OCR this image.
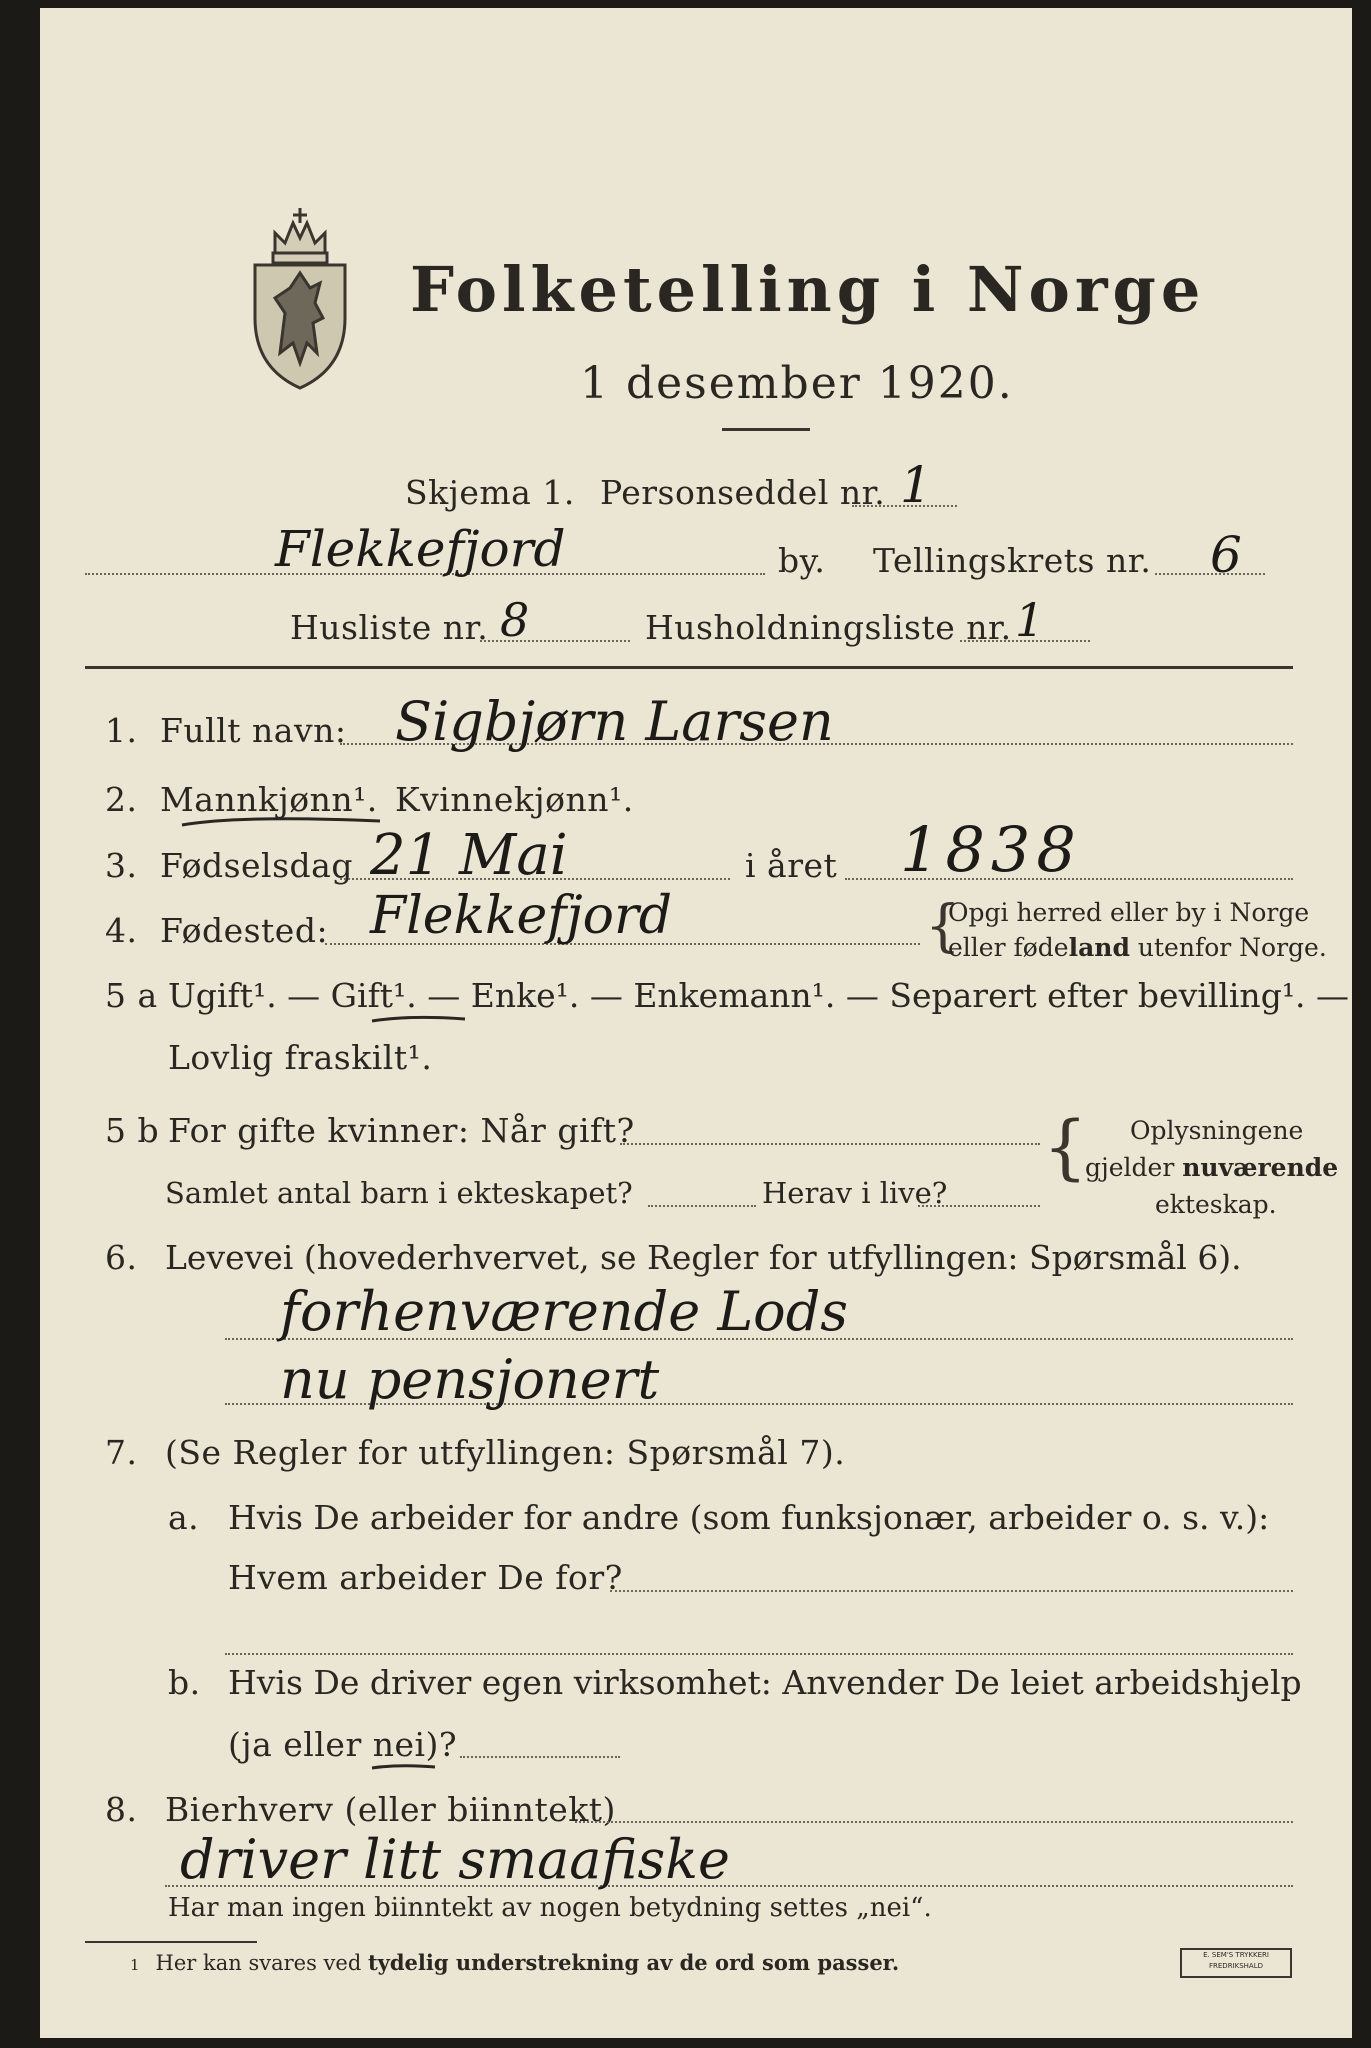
Folketelling i Norge
1 desember 1920.
Skjema 1. Personseddel nr. 1
Flekkefjord	by. Tellingskrets nr. 6
Husliste nr. 8	Husholdningsliste nr. 1
1. Fullt navn: Sigbjørn Larsen
2. Mannkjønn¹. Kvinnekjønn¹.
3. Fødselsdag 21 Mai	i året 1838
4. Fødested: Flekkefjord	{
Opgi herred eller by i Norge
eller fødeland utenfor Norge.
5 a Ugift¹. — Gift¹. — Enke¹. — Enkemann¹. — Separert efter bevilling¹. —
Lovlig fraskilt¹.
5 b For gifte kvinner: Når gift?
Samlet antal barn i ekteskapet?	Herav i live?
{ Oplysningene
gjelder nuværende
ekteskap.
6. Levevei (hovederhvervet, se Regler for utfyllingen: Spørsmål 6).
forhenværende Lods
nu pensjonert
7. (Se Regler for utfyllingen: Spørsmål 7).
a. Hvis De arbeider for andre (som funksjonær, arbeider o. s. v.):
Hvem arbeider De for?
b. Hvis De driver egen virksomhet: Anvender De leiet arbeidshjelp
(ja eller nei)?
8. Bierhverv (eller biinntekt)
driver litt smaafiske
Har man ingen biinntekt av nogen betydning settes „nei“.
1 Her kan svares ved tydelig understrekning av de ord som passer.	E. SEM'S TRYKKERI
FREDRIKSHALD
